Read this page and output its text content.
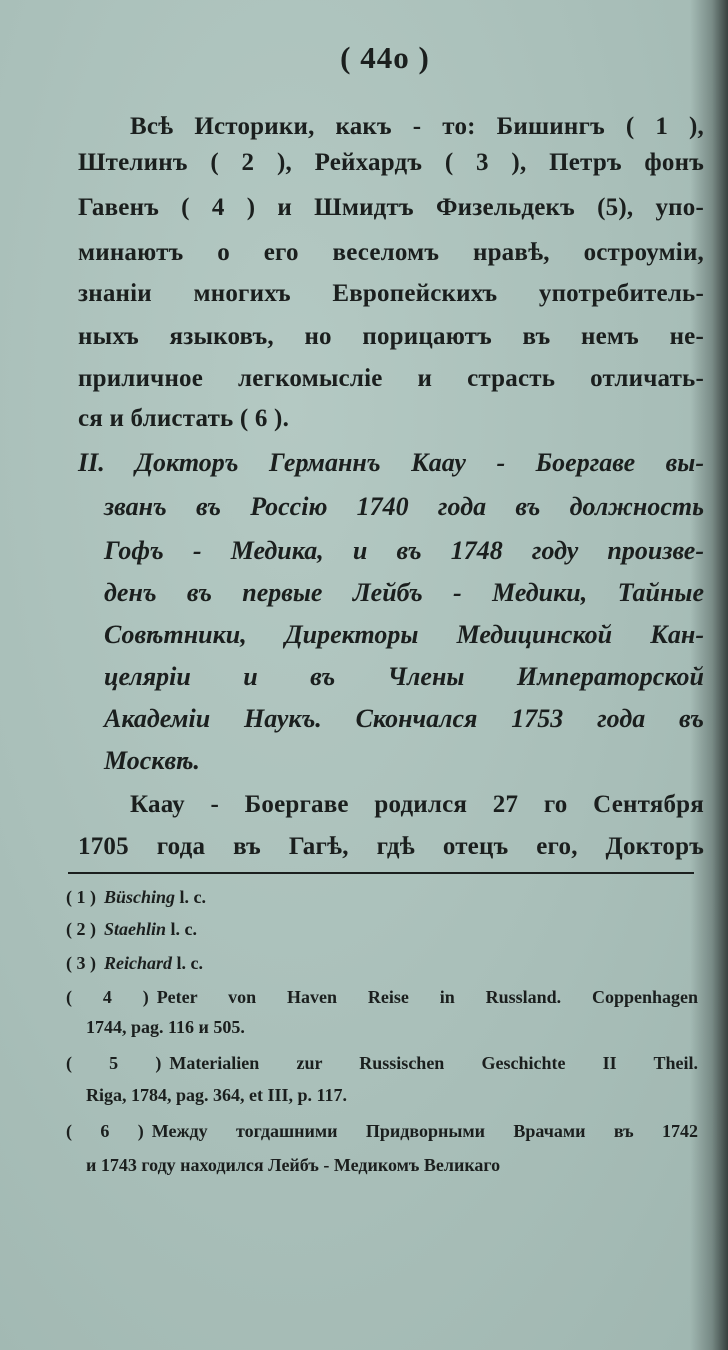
( 44о )
Всѣ Историки, какъ - то: Бишингъ ( 1 ),
Штелинъ ( 2 ), Рейхардъ ( 3 ), Петръ фонъ
Гавенъ ( 4 ) и Шмидтъ Физельдекъ (5), упо-
минаютъ о его веселомъ нравѣ, остроуміи,
знаніи многихъ Европейскихъ употребитель-
ныхъ языковъ, но порицаютъ въ немъ не-
приличное легкомысліе и страсть отличать-
ся и блистать ( 6 ).
II. Докторъ Германнъ Каау - Боергаве вы-
званъ въ Россію 1740 года въ должность
Гофъ - Медика, и въ 1748 году произве-
денъ въ первые Лейбъ - Медики, Тайные
Совѣтники, Директоры Медицинской Кан-
целяріи и въ Члены Императорской
Академіи Наукъ. Скончался 1753 года въ
Москвѣ.
Каау - Боергаве родился 27 го Сентября
1705 года въ Гагѣ, гдѣ отецъ его, Докторъ
( 1 ) Büsching l. c.
( 2 ) Staehlin l. c.
( 3 ) Reichard l. c.
( 4 ) Peter von Haven Reise in Russland. Coppenhagen
1744, pag. 116 и 505.
( 5 ) Materialien zur Russischen Geschichte II Theil.
Riga, 1784, pag. 364, et III, p. 117.
( 6 ) Между тогдашними Придворными Врачами въ 1742
и 1743 году находился Лейбъ - Медикомъ Великаго
